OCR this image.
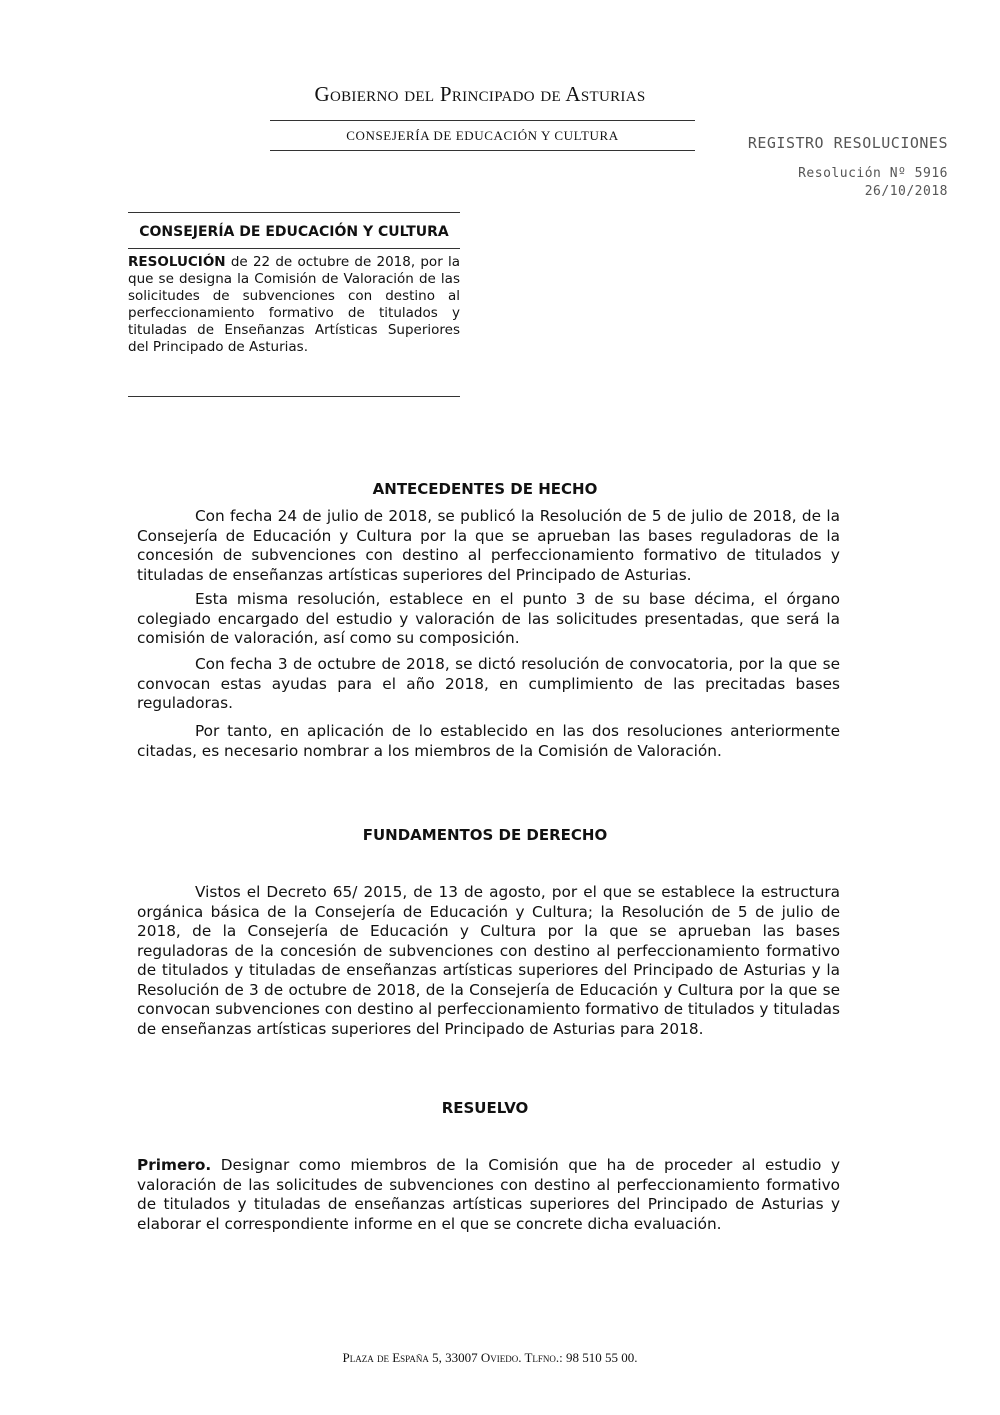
Gobierno del Principado de Asturias
CONSEJERÍA DE EDUCACIÓN Y CULTURA	REGISTRO RESOLUCIONES
Resolución Nº 5916
26/10/2018
CONSEJERÍA DE EDUCACIÓN Y CULTURA
RESOLUCIÓN de 22 de octubre de 2018, por la que se designa la Comisión de Valoración de las solicitudes de subvenciones con destino al perfeccionamiento formativo de titulados y tituladas de Enseñanzas Artísticas Superiores del Principado de Asturias.
ANTECEDENTES DE HECHO
Con fecha 24 de julio de 2018, se publicó la Resolución de 5 de julio de 2018, de la Consejería de Educación y Cultura por la que se aprueban las bases reguladoras de la concesión de subvenciones con destino al perfeccionamiento formativo de titulados y tituladas de enseñanzas artísticas superiores del Principado de Asturias.
Esta misma resolución, establece en el punto 3 de su base décima, el órgano colegiado encargado del estudio y valoración de las solicitudes presentadas, que será la comisión de valoración, así como su composición.
Con fecha 3 de octubre de 2018, se dictó resolución de convocatoria, por la que se convocan estas ayudas para el año 2018, en cumplimiento de las precitadas bases reguladoras.
Por tanto, en aplicación de lo establecido en las dos resoluciones anteriormente citadas, es necesario nombrar a los miembros de la Comisión de Valoración.
FUNDAMENTOS DE DERECHO
Vistos el Decreto 65/ 2015, de 13 de agosto, por el que se establece la estructura orgánica básica de la Consejería de Educación y Cultura; la Resolución de 5 de julio de 2018, de la Consejería de Educación y Cultura por la que se aprueban las bases reguladoras de la concesión de subvenciones con destino al perfeccionamiento formativo de titulados y tituladas de enseñanzas artísticas superiores del Principado de Asturias y la Resolución de 3 de octubre de 2018, de la Consejería de Educación y Cultura por la que se convocan subvenciones con destino al perfeccionamiento formativo de titulados y tituladas de enseñanzas artísticas superiores del Principado de Asturias para 2018.
RESUELVO
Primero. Designar como miembros de la Comisión que ha de proceder al estudio y valoración de las solicitudes de subvenciones con destino al perfeccionamiento formativo de titulados y tituladas de enseñanzas artísticas superiores del Principado de Asturias y elaborar el correspondiente informe en el que se concrete dicha evaluación.
Plaza de España 5, 33007 Oviedo. Tlfno.: 98 510 55 00.
